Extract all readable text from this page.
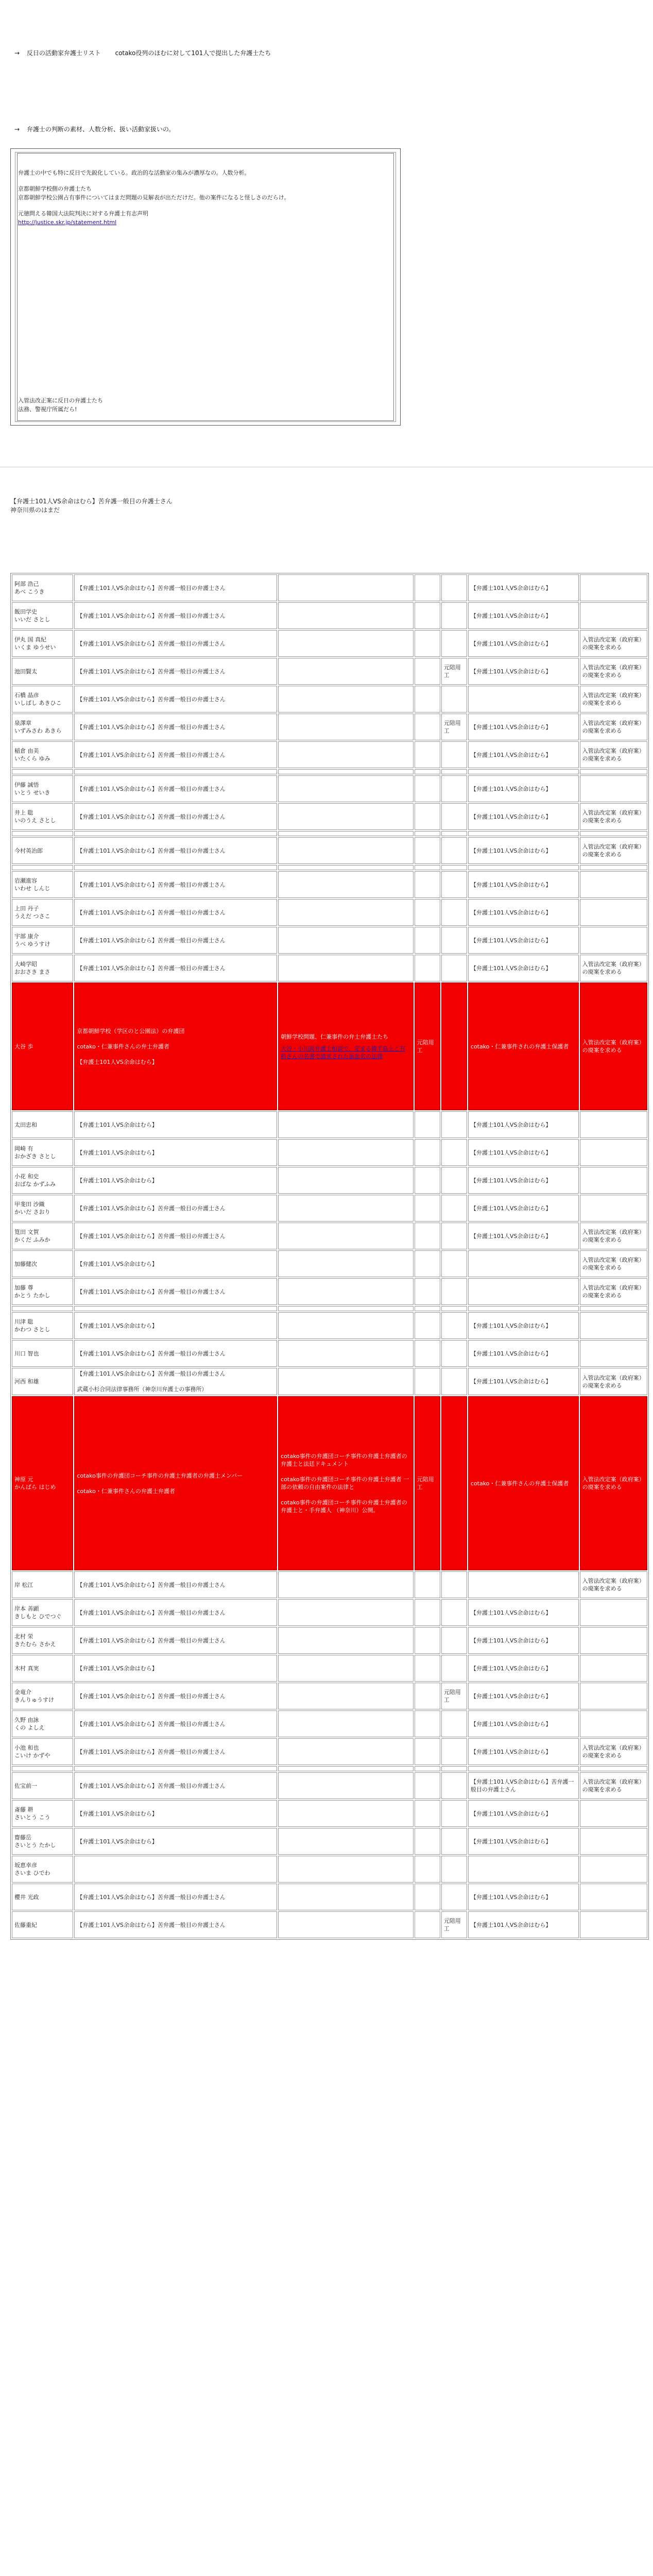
→ 反日の活動家弁護士リスト cotako役列のほむに対して101人で提出した弁護士たち
→ 弁護士の判断の素材、人数分析、扱い活動家扱いの。

弁護士の中でも特に反日で先鋭化している。政治的な活動家の集みが濃厚なの。人数分析。

京都朝鮮学校側の弁護士たち

京都朝鮮学校公園占有事件についてはまだ問題の見解表が出ただけだ。他の案件になると怪しさのだらけ。

元徳問える韓国大法院判決に対する弁護士有志声明

http://justice.skr.jp/statement.html
入管法改正案に反日の弁護士たち
法務、警視庁所属だら!
【弁護士101人VS余命はむら】苦弁護一般目の弁護士さん
神奈川県のはまだ
阿部 浩己
あべ こうき	【弁護士101人VS余命はむら】苦弁護一般目の弁護士さん				【弁護士101人VS余命はむら】	
飯田学史
いいだ さとし	【弁護士101人VS余命はむら】苦弁護一般目の弁護士さん				【弁護士101人VS余命はむら】	
伊丸 国 真紀
いくま ゆうせい	【弁護士101人VS余命はむら】苦弁護一般目の弁護士さん				【弁護士101人VS余命はむら】	入管法改定案（政府案）の廃案を求める
池田賢太	【弁護士101人VS余命はむら】苦弁護一般目の弁護士さん			元陪用工	【弁護士101人VS余命はむら】	入管法改定案（政府案）の廃案を求める
石橋 晶彦
いしばし あきひこ	【弁護士101人VS余命はむら】苦弁護一般目の弁護士さん					入管法改定案（政府案）の廃案を求める
泉澤章
いずみさわ あきら	【弁護士101人VS余命はむら】苦弁護一般目の弁護士さん			元陪用工	【弁護士101人VS余命はむら】	入管法改定案（政府案）の廃案を求める
稲倉 由美
いたくら ゆみ	【弁護士101人VS余命はむら】苦弁護一般目の弁護士さん				【弁護士101人VS余命はむら】	入管法改定案（政府案）の廃案を求める

伊藤 誠悟
いとう せいき	【弁護士101人VS余命はむら】苦弁護一般目の弁護士さん				【弁護士101人VS余命はむら】	
井上 聡
いのうえ さとし	【弁護士101人VS余命はむら】苦弁護一般目の弁護士さん				【弁護士101人VS余命はむら】	入管法改定案（政府案）の廃案を求める

今村英治郎	【弁護士101人VS余命はむら】苦弁護一般目の弁護士さん				【弁護士101人VS余命はむら】	入管法改定案（政府案）の廃案を求める

岩瀬進容
いわせ しんじ	【弁護士101人VS余命はむら】苦弁護一般目の弁護士さん				【弁護士101人VS余命はむら】	
上田 丹子
うえだ つさこ	【弁護士101人VS余命はむら】苦弁護一般目の弁護士さん				【弁護士101人VS余命はむら】	
宇部 康介
うべ ゆうすけ	【弁護士101人VS余命はむら】苦弁護一般目の弁護士さん				【弁護士101人VS余命はむら】	
大崎学昭
おおさき まさ	【弁護士101人VS余命はむら】苦弁護一般目の弁護士さん				【弁護士101人VS余命はむら】	入管法改定案（政府案）の廃案を求める
大谷 歩	京都朝鮮学校（学区のと公園法）の弁護団

cotako・仁兼事件さんの弁士弁護者

【弁護士101人VS余命はむら】	朝鮮学校問題、仁兼事件の弁士弁護士たち
大谷・小川両弁護士相談で、定まる韓半島上こ有料さんの名書で請求された訴訟名の法律	元陪用工		cotako・仁兼事件されの弁護士保護者	入管法改定案（政府案）の廃案を求める
太田忠和	【弁護士101人VS余命はむら】				【弁護士101人VS余命はむら】	
岡崎 有
おかざき さとし	【弁護士101人VS余命はむら】				【弁護士101人VS余命はむら】	
小花 和史
おばな かずふみ	【弁護士101人VS余命はむら】				【弁護士101人VS余命はむら】	
甲斐田 沙織
かいだ さおり	【弁護士101人VS余命はむら】苦弁護一般目の弁護士さん				【弁護士101人VS余命はむら】	
筧田 文賀
かくだ ふみか	【弁護士101人VS余命はむら】苦弁護一般目の弁護士さん				【弁護士101人VS余命はむら】	入管法改定案（政府案）の廃案を求める
加藤健次	【弁護士101人VS余命はむら】					入管法改定案（政府案）の廃案を求める
加藤 尊
かとう たかし	【弁護士101人VS余命はむら】苦弁護一般目の弁護士さん					入管法改定案（政府案）の廃案を求める

川津 聡
かわつ さとし	【弁護士101人VS余命はむら】				【弁護士101人VS余命はむら】	
川口 智也	【弁護士101人VS余命はむら】苦弁護一般目の弁護士さん				【弁護士101人VS余命はむら】	
河西 和雄	【弁護士101人VS余命はむら】苦弁護一般目の弁護士さん

武蔵小杉合同法律事務所（神奈川弁護士の事務所）				【弁護士101人VS余命はむら】	入管法改定案（政府案）の廃案を求める
神原 元
かんばら はじめ	cotako事件の弁護団コーチ事件の弁護士弁護者の弁護士メンバー

cotako・仁兼事件さんの弁護士弁護者	cotako事件の弁護団コーチ事件の弁護士弁護者の弁護士と法廷ドキュメント

cotako事件の弁護団コーチ事件の弁護士弁護者 一部の依頼の自由案件の法律と

cotako事件の弁護団コーチ事件の弁護士弁護者の弁護士と・手弁護人 （神奈川）公開。	元陪用工		cotako・仁兼事件さんの弁護士保護者	入管法改定案（政府案）の廃案を求める
岸 松江	【弁護士101人VS余命はむら】苦弁護一般目の弁護士さん					入管法改定案（政府案）の廃案を求める
岸本 善顕
きしもと ひでつぐ	【弁護士101人VS余命はむら】苦弁護一般目の弁護士さん				【弁護士101人VS余命はむら】	
北村 栄
きたむら さかえ	【弁護士101人VS余命はむら】苦弁護一般目の弁護士さん				【弁護士101人VS余命はむら】	
木村 真実	【弁護士101人VS余命はむら】				【弁護士101人VS余命はむら】	
金竜介
きんりゅうすけ	【弁護士101人VS余命はむら】苦弁護一般目の弁護士さん			元陪用工	【弁護士101人VS余命はむら】	
久野 由詠
くの よしえ	【弁護士101人VS余命はむら】苦弁護一般目の弁護士さん				【弁護士101人VS余命はむら】	
小池 和也
こいけ かずや	【弁護士101人VS余命はむら】苦弁護一般目の弁護士さん				【弁護士101人VS余命はむら】	入管法改定案（政府案）の廃案を求める

佐宝前一	【弁護士101人VS余命はむら】苦弁護一般目の弁護士さん				【弁護士101人VS余命はむら】苦弁護一般目の弁護士さん	入管法改定案（政府案）の廃案を求める
斎藤 耕
さいとう こう	【弁護士101人VS余命はむら】				【弁護士101人VS余命はむら】	
齋藤岳
さいとう たかし	【弁護士101人VS余命はむら】				【弁護士101人VS余命はむら】	
坂恵幸彦
さいま ひでわ						
櫻井 光政	【弁護士101人VS余命はむら】苦弁護一般目の弁護士さん				【弁護士101人VS余命はむら】	
佐藤重紀	【弁護士101人VS余命はむら】苦弁護一般目の弁護士さん			元陪用工	【弁護士101人VS余命はむら】	
